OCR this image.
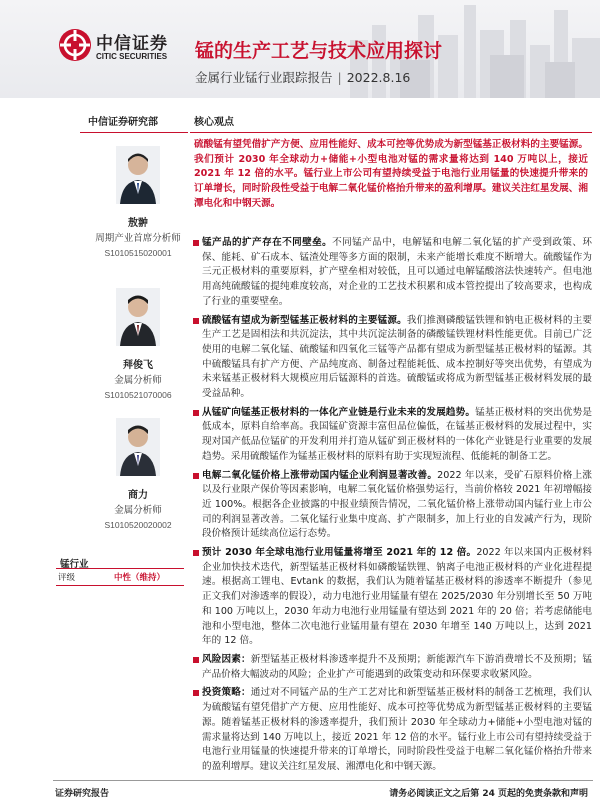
中信证券
CITIC SECURITIES 锰的生产工艺与技术应用探讨
金属行业锰行业跟踪报告 | 2022.8.16
中信证券研究部
敖翀
周期产业首席分析师
S1010515020001
拜俊飞
金属分析师
S1010521070006
商力
金属分析师
S1010520020002
锰行业
评级	中性（维持）
核心观点
硫酸锰有望凭借扩产方便、应用性能好、成本可控等优势成为新型锰基正极材料的主要锰源。我们预计 2030 年全球动力+储能+小型电池对锰的需求量将达到 140 万吨以上，接近 2021 年 12 倍的水平。锰行业上市公司有望持续受益于电池行业用锰量的快速提升带来的订单增长，同时阶段性受益于电解二氧化锰价格抬升带来的盈利增厚。建议关注红星发展、湘潭电化和中钢天源。
锰产品的扩产存在不同壁垒。不同锰产品中，电解锰和电解二氧化锰的扩产受到政策、环保、能耗、矿石成本、锰渣处理等多方面的限制，未来产能增长难度不断增大。硫酸锰作为三元正极材料的重要原料，扩产壁垒相对较低，且可以通过电解锰酸溶法快速转产。但电池用高纯硫酸锰的提纯难度较高，对企业的工艺技术积累和成本管控提出了较高要求，也构成了行业的重要壁垒。
硫酸锰有望成为新型锰基正极材料的主要锰源。我们推测磷酸锰铁锂和钠电正极材料的主要生产工艺是固相法和共沉淀法，其中共沉淀法制备的磷酸锰铁锂材料性能更优。目前已广泛使用的电解二氧化锰、硫酸锰和四氧化三锰等产品都有望成为新型锰基正极材料的锰源。其中硫酸锰具有扩产方便、产品纯度高、制备过程能耗低、成本控制好等突出优势，有望成为未来锰基正极材料大规模应用后锰源料的首选。硫酸锰或将成为新型锰基正极材料发展的最受益品种。
从锰矿向锰基正极材料的一体化产业链是行业未来的发展趋势。锰基正极材料的突出优势是低成本，原料自给率高。我国锰矿资源丰富但品位偏低，在锰基正极材料的发展过程中，实现对国产低品位锰矿的开发利用并打造从锰矿到正极材料的一体化产业链是行业重要的发展趋势。采用硫酸锰作为锰基正极材料的原料有助于实现短流程、低能耗的制备工艺。
电解二氧化锰价格上涨带动国内锰企业利润显著改善。2022 年以来，受矿石原料价格上涨以及行业限产保价等因素影响，电解二氧化锰价格强势运行，当前价格较 2021 年初增幅接近 100%。根据各企业披露的中报业绩预告情况，二氧化锰价格上涨带动国内锰行业上市公司的利润显著改善。二氧化锰行业集中度高、扩产限制多，加上行业的自发减产行为，现阶段价格预计延续高位运行态势。
预计 2030 年全球电池行业用锰量将增至 2021 年的 12 倍。2022 年以来国内正极材料企业加快技术迭代，新型锰基正极材料如磷酸锰铁锂、钠离子电池正极材料的产业化进程提速。根据高工锂电、Evtank 的数据，我们认为随着锰基正极材料的渗透率不断提升（参见正文我们对渗透率的假设），动力电池行业用锰量有望在 2025/2030 年分别增长至 50 万吨和 100 万吨以上，2030 年动力电池行业用锰量有望达到 2021 年的 20 倍；若考虑储能电池和小型电池，整体二次电池行业锰用量有望在 2030 年增至 140 万吨以上，达到 2021 年的 12 倍。
风险因素：新型锰基正极材料渗透率提升不及预期；新能源汽车下游消费增长不及预期；锰产品价格大幅波动的风险；企业扩产可能遇到的政策变动和环保要求收紧风险。
投资策略：通过对不同锰产品的生产工艺对比和新型锰基正极材料的制备工艺梳理，我们认为硫酸锰有望凭借扩产方便、应用性能好、成本可控等优势成为新型锰基正极材料的主要锰源。随着锰基正极材料的渗透率提升，我们预计 2030 年全球动力+储能+小型电池对锰的需求量将达到 140 万吨以上，接近 2021 年 12 倍的水平。锰行业上市公司有望持续受益于电池行业用锰量的快速提升带来的订单增长，同时阶段性受益于电解二氧化锰价格抬升带来的盈利增厚。建议关注红星发展、湘潭电化和中钢天源。
证券研究报告	请务必阅读正文之后第 24 页起的免责条款和声明
